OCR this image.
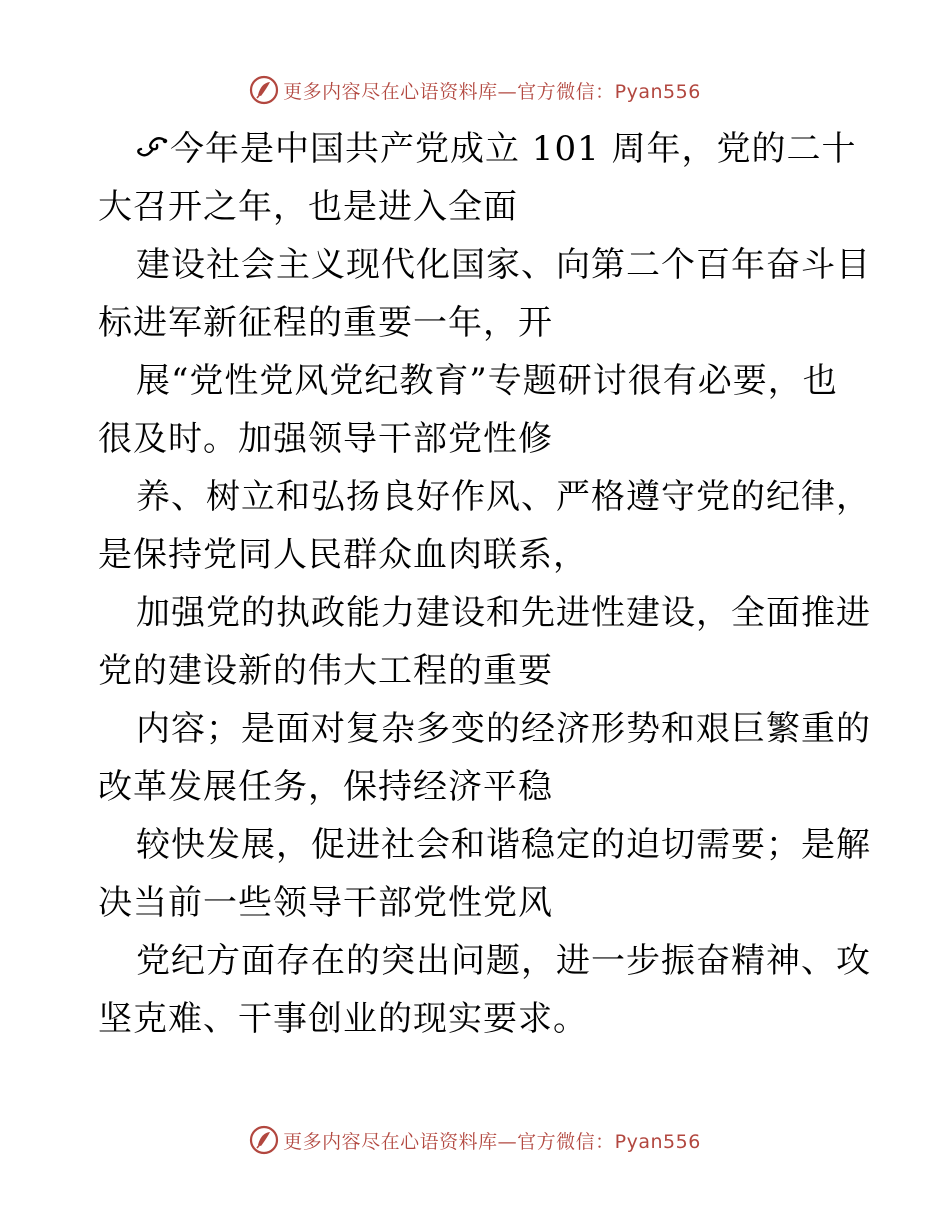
更多内容尽在心语资料库—官方微信：Pyan556
今年是中国共产党成立 101 周年，党的二十
大召开之年，也是进入全面
建设社会主义现代化国家、向第二个百年奋斗目
标进军新征程的重要一年，开
展“党性党风党纪教育”专题研讨很有必要，也
很及时。加强领导干部党性修
养、树立和弘扬良好作风、严格遵守党的纪律，
是保持党同人民群众血肉联系，
加强党的执政能力建设和先进性建设，全面推进
党的建设新的伟大工程的重要
内容；是面对复杂多变的经济形势和艰巨繁重的
改革发展任务，保持经济平稳
较快发展，促进社会和谐稳定的迫切需要；是解
决当前一些领导干部党性党风
党纪方面存在的突出问题，进一步振奋精神、攻
坚克难、干事创业的现实要求。
更多内容尽在心语资料库—官方微信：Pyan556
